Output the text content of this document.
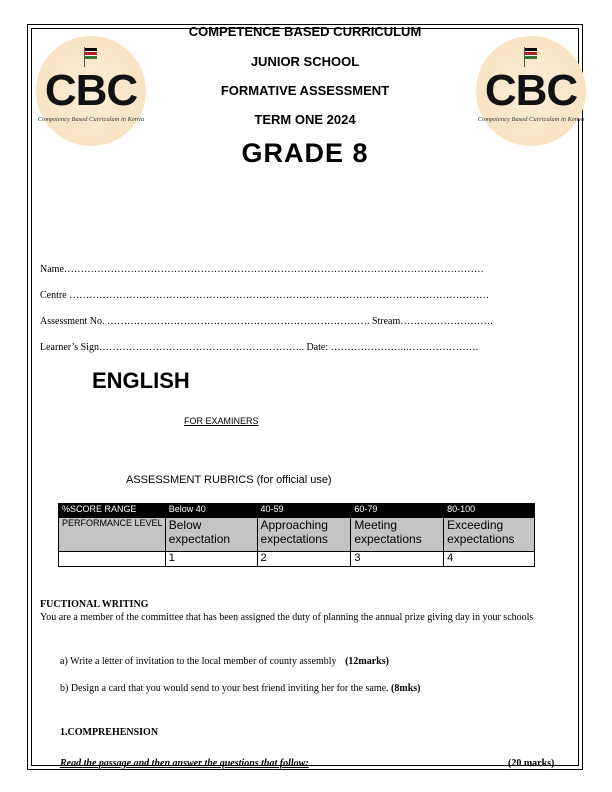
CBC
Competency Based Curriculum in Kenya
CBC
Competency Based Curriculum in Kenya
COMPETENCE BASED CURRICULUM
JUNIOR SCHOOL
FORMATIVE ASSESSMENT
TERM ONE 2024
GRADE 8
Name………………………………………………………………………………………………………………
Centre ………………………………………………………………………………………………………………
Assessment No. ……………………………………………………………………. Stream……………………….
Learner’s Sign…………………………………………………….. Date: …………………..………………….
ENGLISH
FOR EXAMINERS
ASSESSMENT RUBRICS (for official use)
%SCORE RANGE	Below 40	40-59	60-79	80-100
PERFORMANCE LEVEL	Below expectation	Approaching expectations	Meeting expectations	Exceeding expectations
	1	2	3	4
FUCTIONAL WRITING
You are a member of the committee that has been assigned the duty of planning the annual prize giving day in your schools
a) Write a letter of invitation to the local member of county assembly (12marks)
b) Design a card that you would send to your best friend inviting her for the same. (8mks)
1.COMPREHENSION
Read the passage and then answer the questions that follow:	(20 marks)
